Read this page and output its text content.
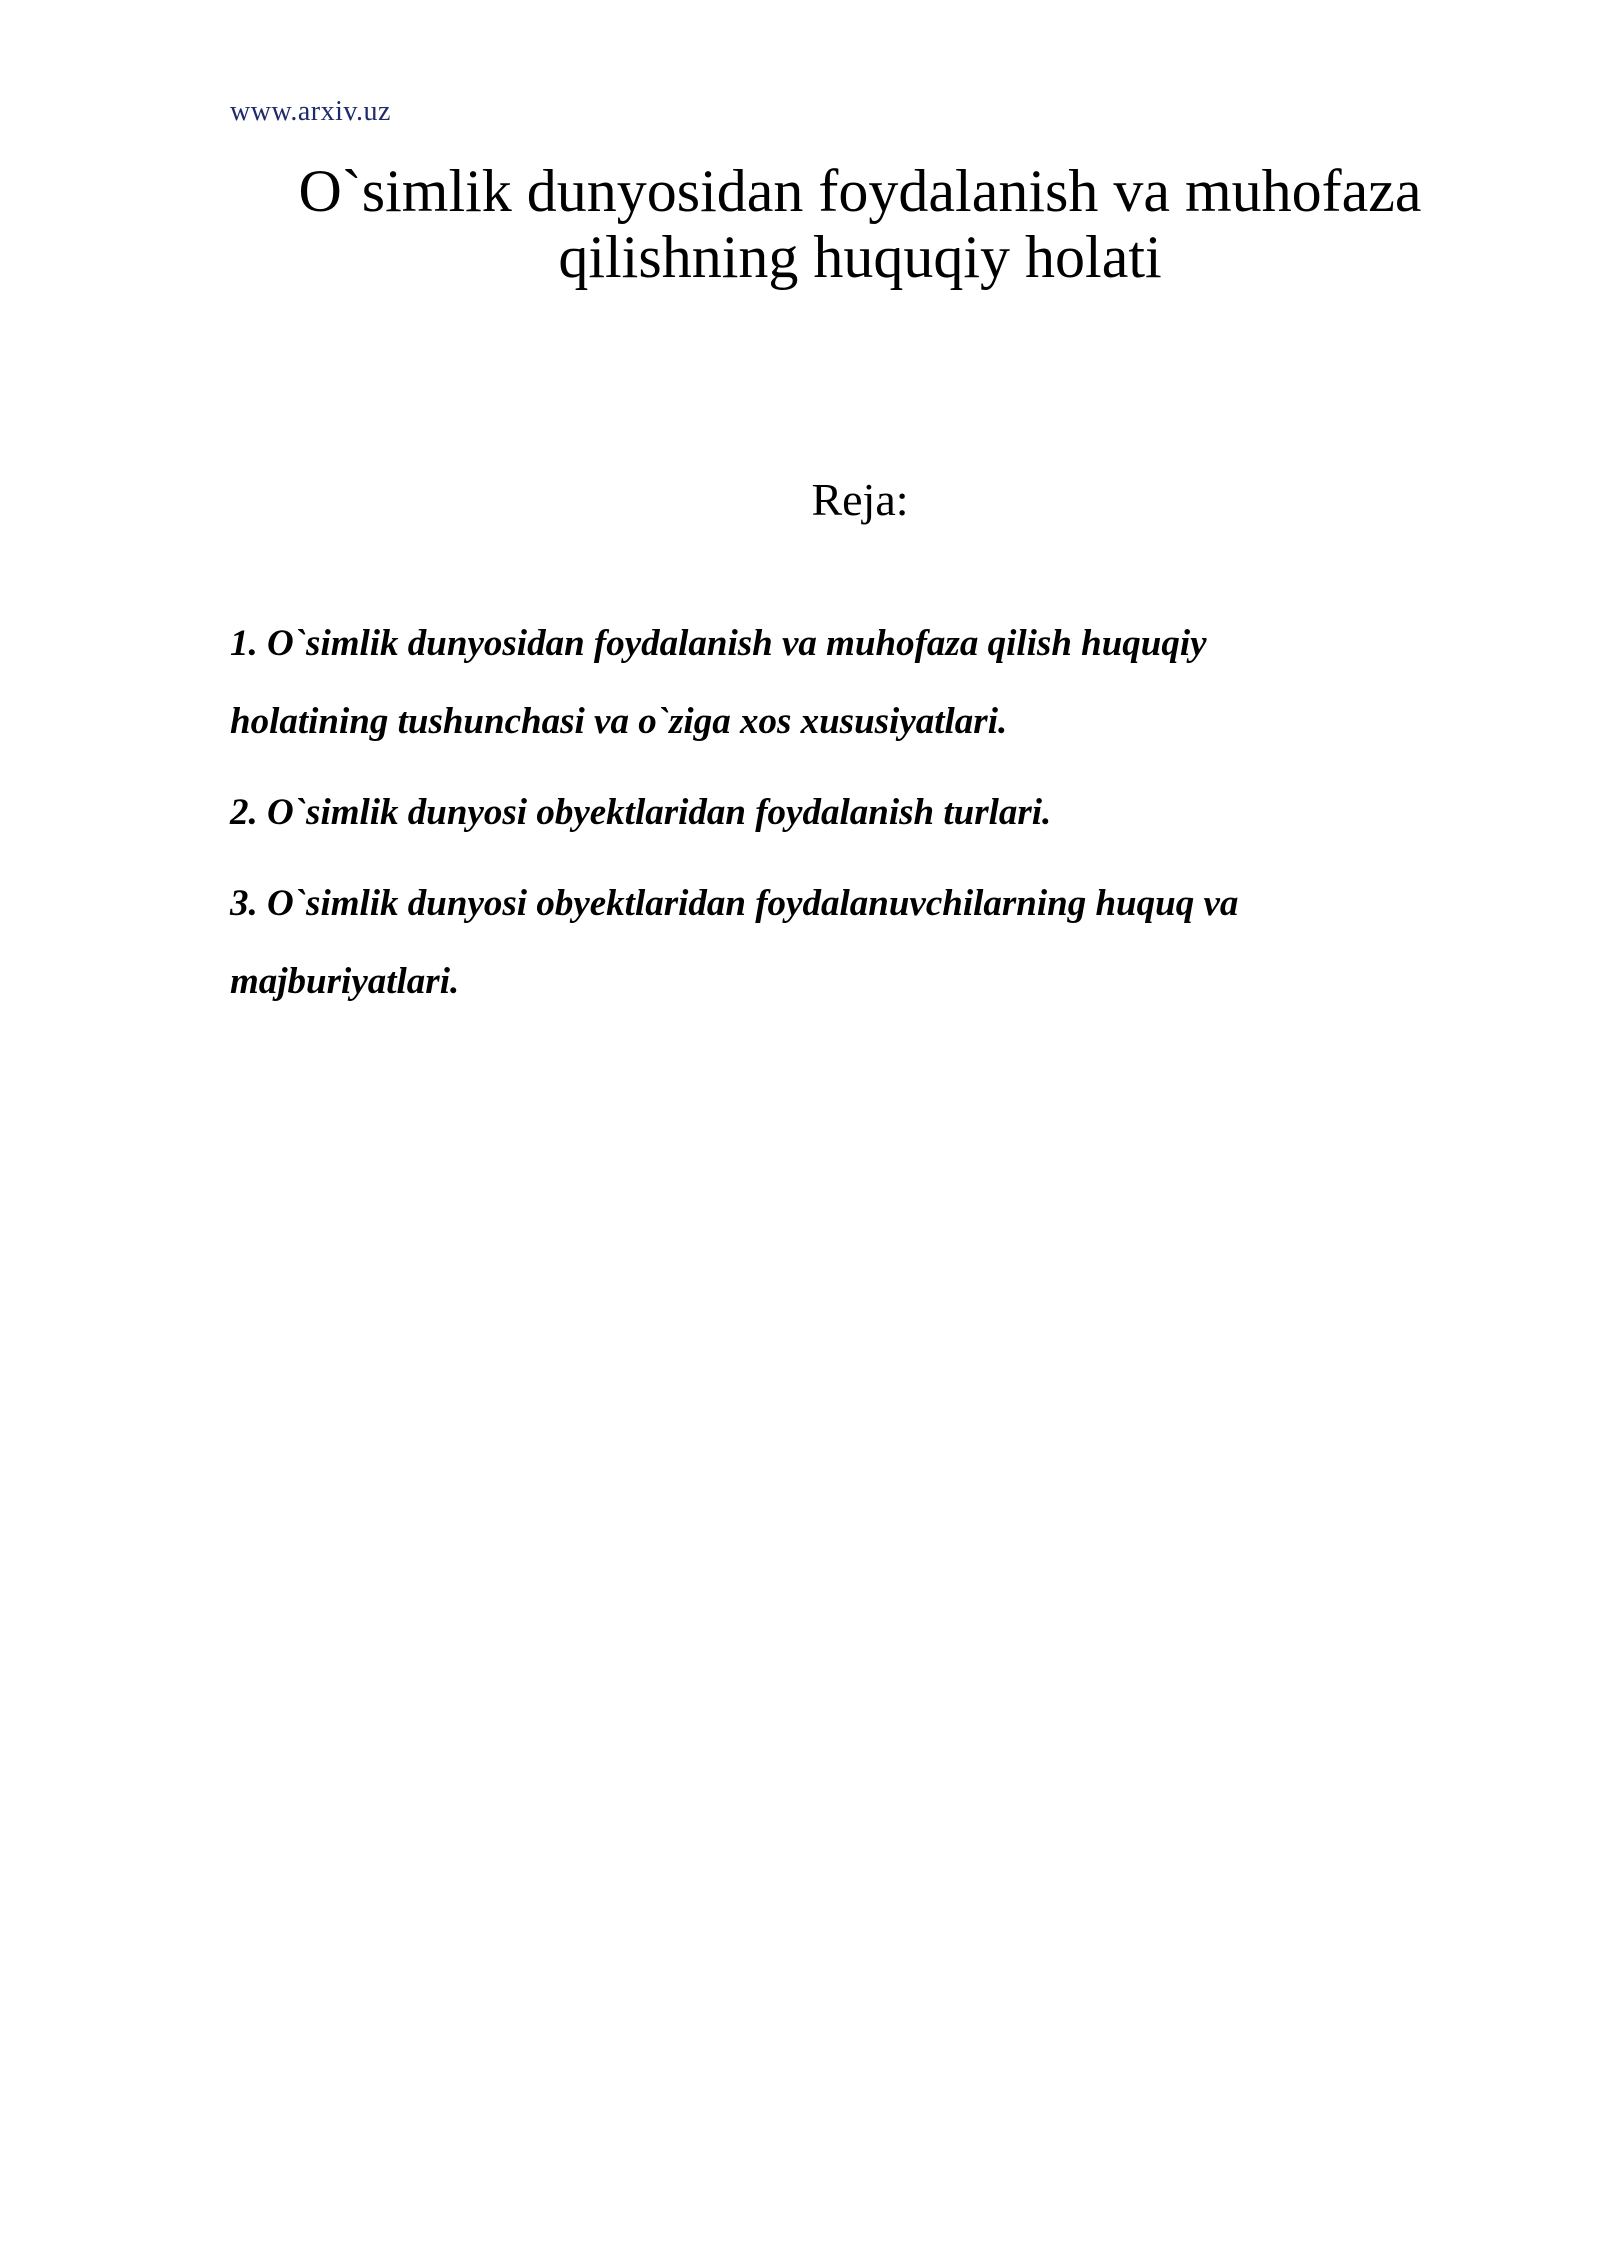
www.arxiv.uz
O`simlik dunyosidan foydalanish va muhofaza
qilishning huquqiy holati
Reja:
1. O`simlik dunyosidan foydalanish va muhofaza qilish huquqiy
holatining tushunchasi va o`ziga xos xususiyatlari.
2. O`simlik dunyosi obyektlaridan foydalanish turlari.
3. O`simlik dunyosi obyektlaridan foydalanuvchilarning huquq va
majburiyatlari.
